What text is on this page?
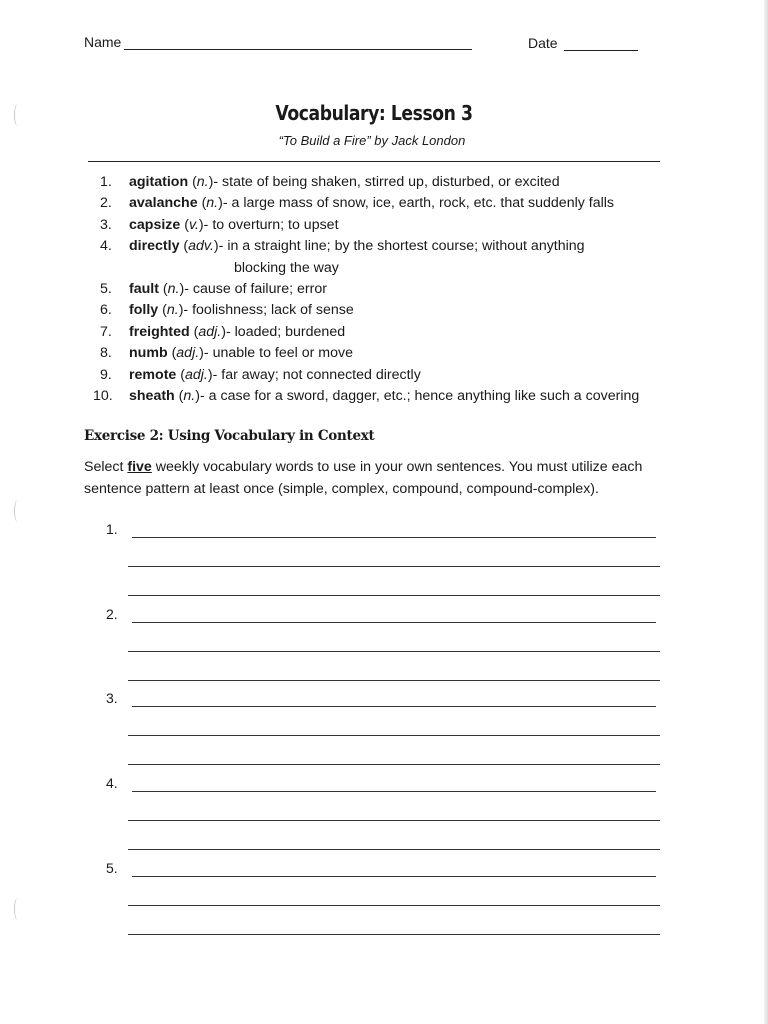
Name	Date
Vocabulary: Lesson 3
“To Build a Fire” by Jack London
1. agitation (n.)- state of being shaken, stirred up, disturbed, or excited
2. avalanche (n.)- a large mass of snow, ice, earth, rock, etc. that suddenly falls
3. capsize (v.)- to overturn; to upset
4. directly (adv.)- in a straight line; by the shortest course; without anything
blocking the way
5. fault (n.)- cause of failure; error
6. folly (n.)- foolishness; lack of sense
7. freighted (adj.)- loaded; burdened
8. numb (adj.)- unable to feel or move
9. remote (adj.)- far away; not connected directly
10. sheath (n.)- a case for a sword, dagger, etc.; hence anything like such a covering
Exercise 2: Using Vocabulary in Context
Select five weekly vocabulary words to use in your own sentences. You must utilize each sentence pattern at least once (simple, complex, compound, compound-complex).
1.
2.
3.
4.
5.
